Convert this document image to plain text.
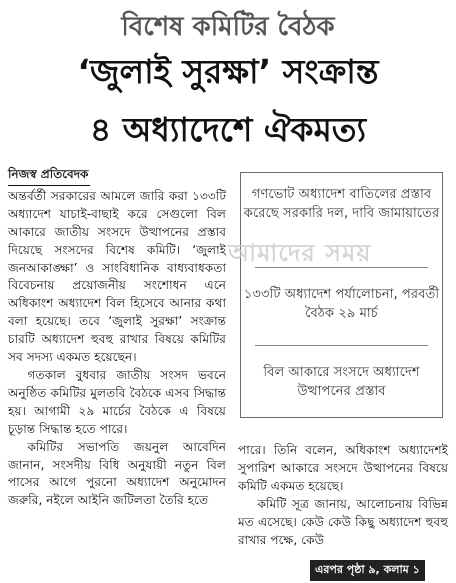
বিশেষ কমিটির বৈঠক
‘জুলাই সুরক্ষা’ সংক্রান্ত
৪ অধ্যাদেশে ঐকমত্য
নিজস্ব প্রতিবেদক

অন্তর্বর্তী সরকারের আমলে জারি করা ১৩৩টি অধ্যাদেশ যাচাই-বাছাই করে সেগুলো বিল আকারে জাতীয় সংসদে উত্থাপনের প্রস্তাব দিয়েছে সংসদের বিশেষ কমিটি। ‘জুলাই জনআকাঙ্ক্ষা’ ও সাংবিধানিক বাধ্যবাধকতা বিবেচনায় প্রয়োজনীয় সংশোধন এনে অধিকাংশ অধ্যাদেশ বিল হিসেবে আনার কথা বলা হয়েছে। তবে ‘জুলাই সুরক্ষা’ সংক্রান্ত চারটি অধ্যাদেশ হুবহু রাখার বিষয়ে কমিটির সব সদস্য একমত হয়েছেন।

গতকাল বুধবার জাতীয় সংসদ ভবনে অনুষ্ঠিত কমিটির মুলতবি বৈঠকে এসব সিদ্ধান্ত হয়। আগামী ২৯ মার্চের বৈঠকে এ বিষয়ে চূড়ান্ত সিদ্ধান্ত হতে পারে।

কমিটির সভাপতি জয়নুল আবেদিন জানান, সংসদীয় বিধি অনুযায়ী নতুন বিল পাসের আগে পুরনো অধ্যাদেশ অনুমোদন জরুরি, নইলে আইনি জটিলতা তৈরি হতে

গণভোট অধ্যাদেশ বাতিলের প্রস্তাব করেছে সরকারি দল, দাবি জামায়াতের
১৩৩টি অধ্যাদেশ পর্যালোচনা, পরবর্তী বৈঠক ২৯ মার্চ
বিল আকারে সংসদে অধ্যাদেশ উত্থাপনের প্রস্তাব
আমাদের সময়

পারে। তিনি বলেন, অধিকাংশ অধ্যাদেশই সুপারিশ আকারে সংসদে উত্থাপনের বিষয়ে কমিটি একমত হয়েছে।

কমিটি সূত্র জানায়, আলোচনায় বিভিন্ন মত এসেছে। কেউ কেউ কিছু অধ্যাদেশ হুবহু রাখার পক্ষে, কেউ

এরপর পৃষ্ঠা ৯, কলাম ১
